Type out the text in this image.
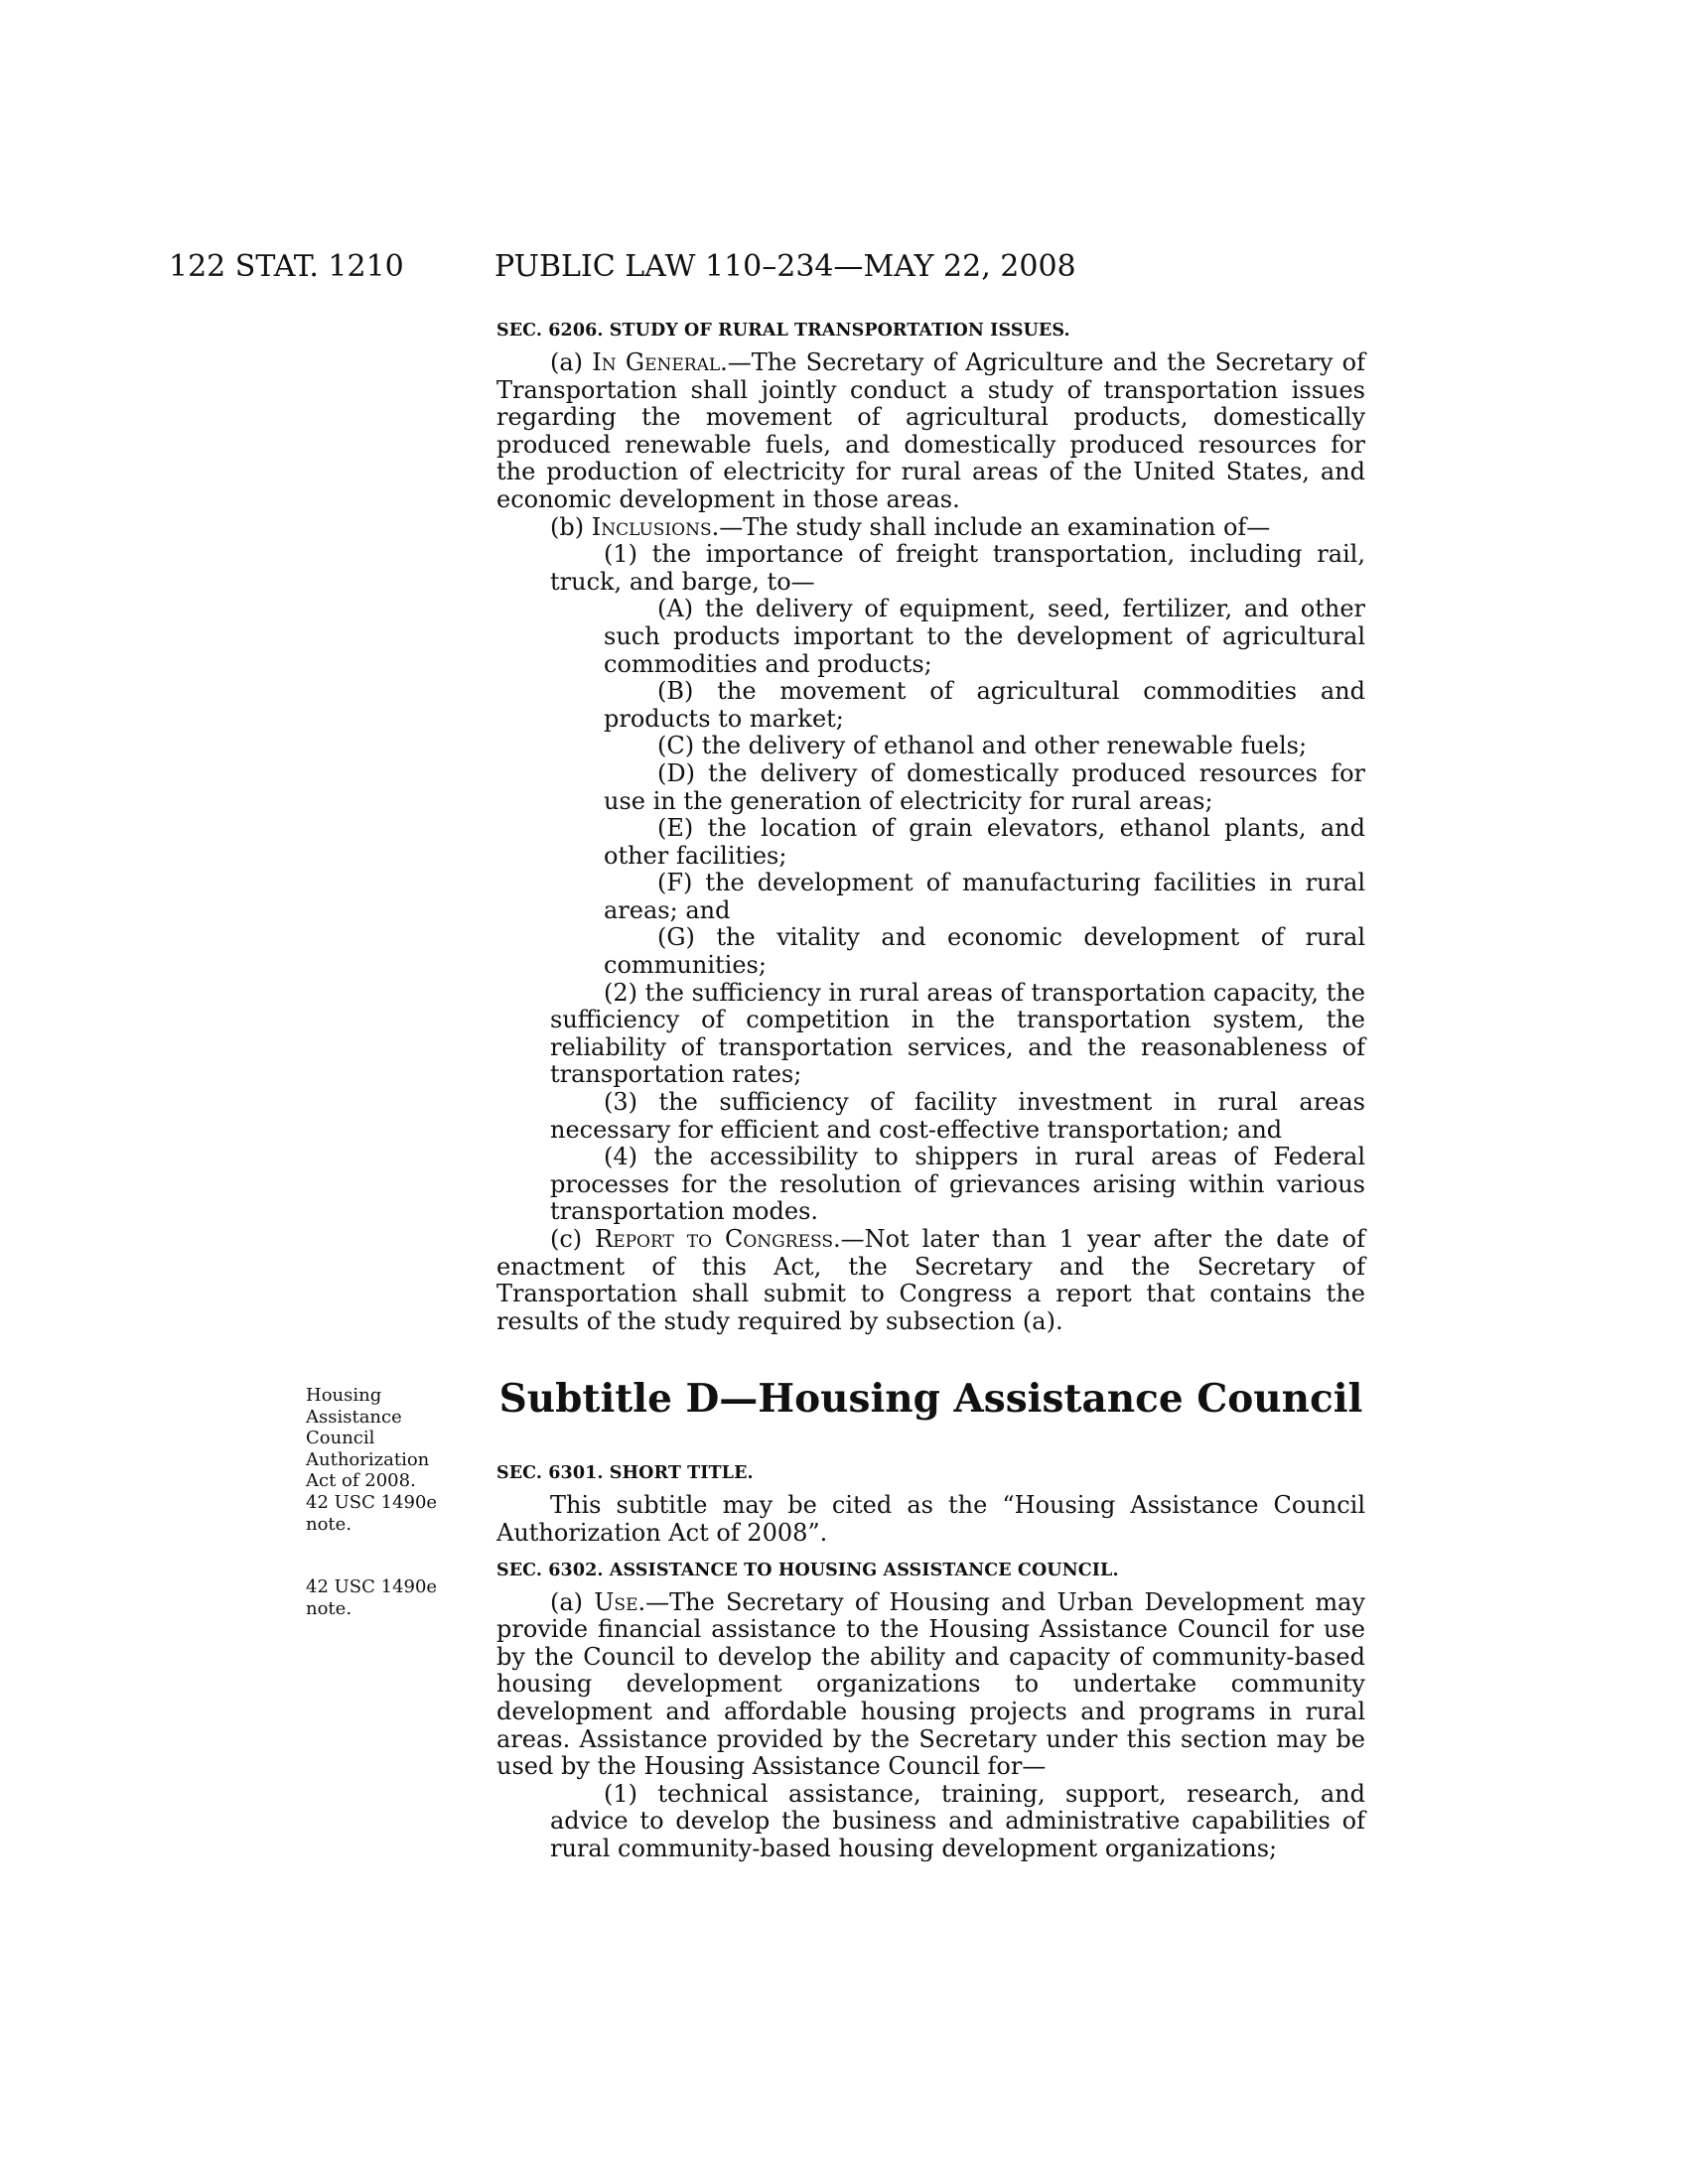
122 STAT. 1210	PUBLIC LAW 110–234—MAY 22, 2008
Housing
Assistance
Council
Authorization
Act of 2008.
42 USC 1490e
note.
42 USC 1490e
note.
SEC. 6206. STUDY OF RURAL TRANSPORTATION ISSUES.

(a) In General.—The Secretary of Agriculture and the Secretary of Transportation shall jointly conduct a study of transportation issues regarding the movement of agricultural products, domestically produced renewable fuels, and domestically produced resources for the production of electricity for rural areas of the United States, and economic development in those areas.

(b) Inclusions.—The study shall include an examination of—

(1) the importance of freight transportation, including rail, truck, and barge, to—

(A) the delivery of equipment, seed, fertilizer, and other such products important to the development of agricultural commodities and products;

(B) the movement of agricultural commodities and products to market;

(C) the delivery of ethanol and other renewable fuels;

(D) the delivery of domestically produced resources for use in the generation of electricity for rural areas;

(E) the location of grain elevators, ethanol plants, and other facilities;

(F) the development of manufacturing facilities in rural areas; and

(G) the vitality and economic development of rural communities;

(2) the sufficiency in rural areas of transportation capacity, the sufficiency of competition in the transportation system, the reliability of transportation services, and the reasonableness of transportation rates;

(3) the sufficiency of facility investment in rural areas necessary for efficient and cost-effective transportation; and

(4) the accessibility to shippers in rural areas of Federal processes for the resolution of grievances arising within various transportation modes.

(c) Report to Congress.—Not later than 1 year after the date of enactment of this Act, the Secretary and the Secretary of Transportation shall submit to Congress a report that contains the results of the study required by subsection (a).

Subtitle D—Housing Assistance Council
SEC. 6301. SHORT TITLE.

This subtitle may be cited as the “Housing Assistance Council Authorization Act of 2008”.

SEC. 6302. ASSISTANCE TO HOUSING ASSISTANCE COUNCIL.

(a) Use.—The Secretary of Housing and Urban Development may provide financial assistance to the Housing Assistance Council for use by the Council to develop the ability and capacity of community-based housing development organizations to undertake community development and affordable housing projects and programs in rural areas. Assistance provided by the Secretary under this section may be used by the Housing Assistance Council for—

(1) technical assistance, training, support, research, and advice to develop the business and administrative capabilities of rural community-based housing development organizations;
